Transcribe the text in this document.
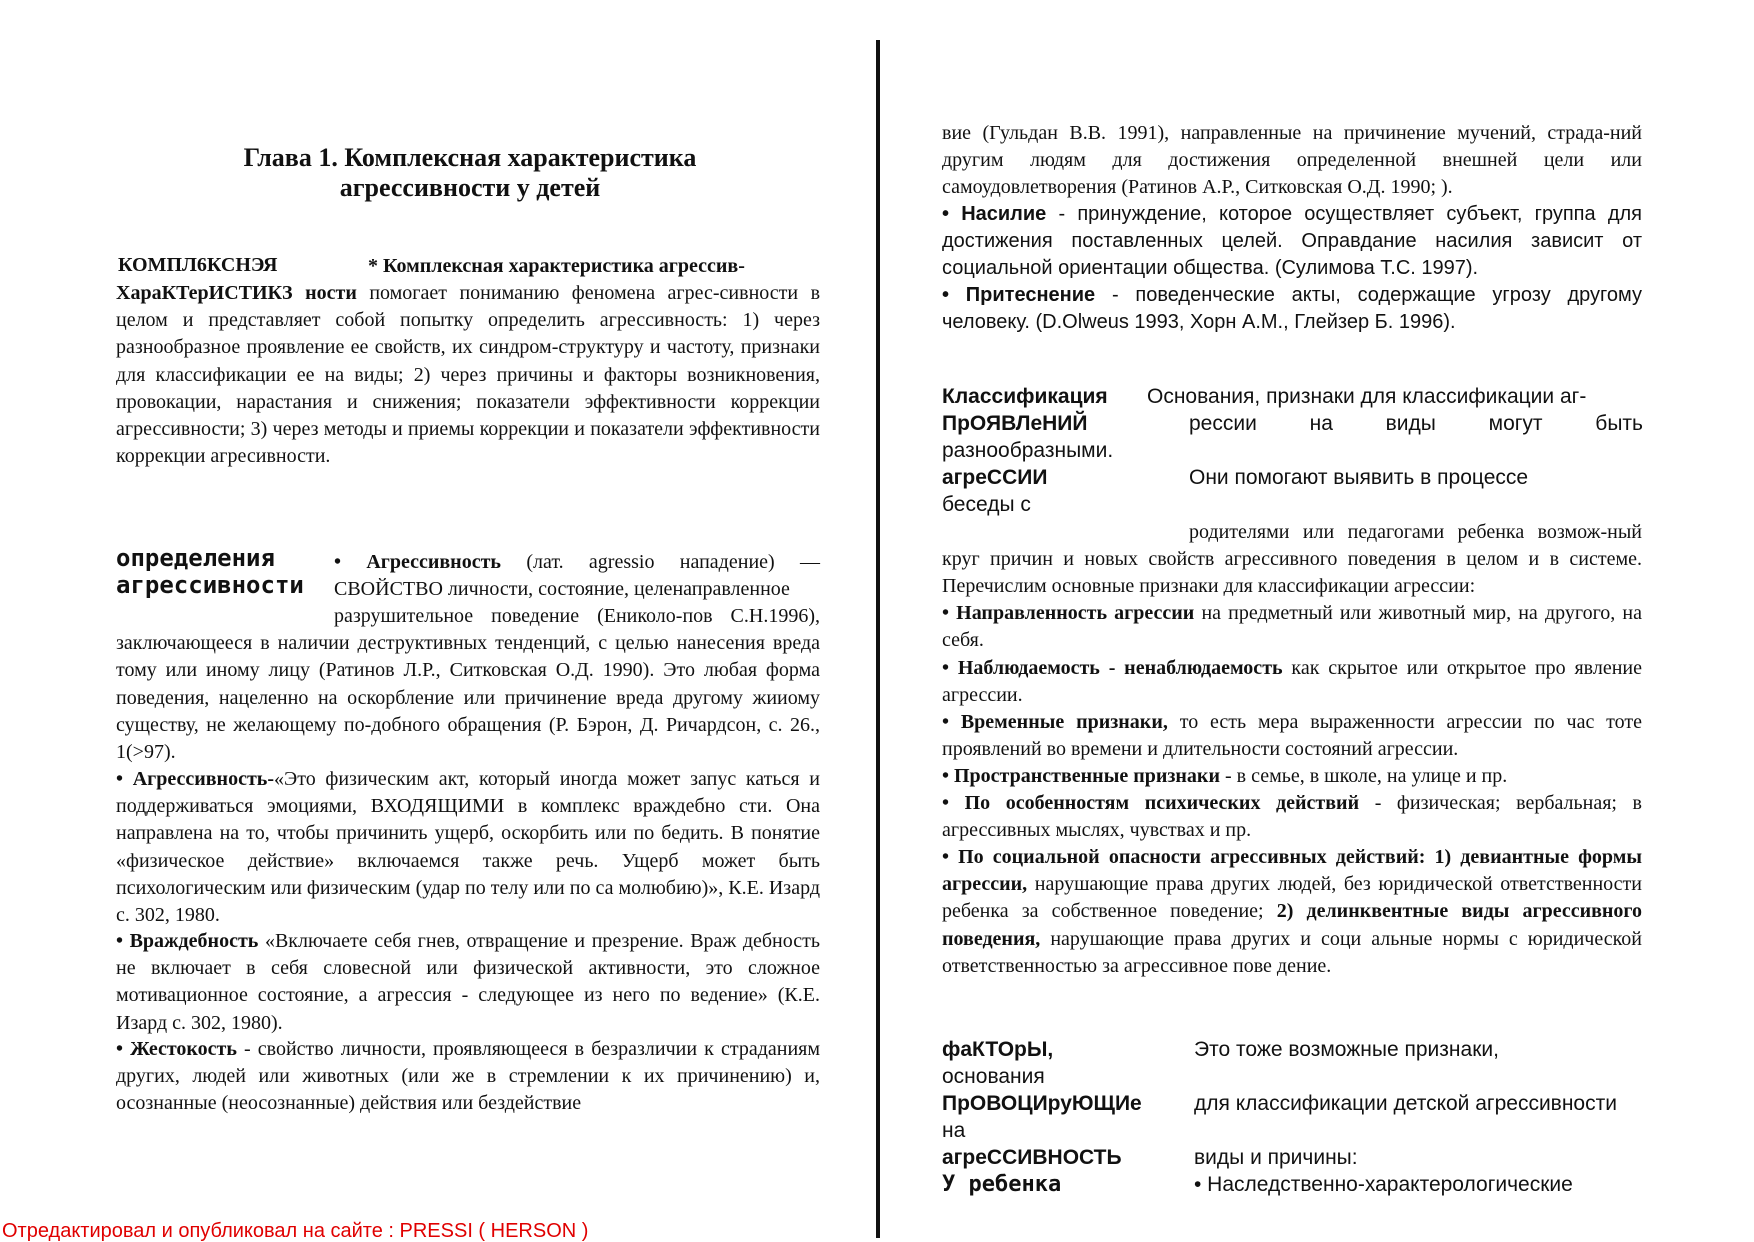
Глава 1. Комплексная характеристика
агрессивности у детей
КОМПЛ6КСНЭЯ	* Комплексная характеристика агрессив-

ХараКТерИСТИКЗ ности помогает пониманию феномена агрес-сивности в целом и представляет собой попытку определить агрессивность: 1) через разнообразное проявление ее свойств, их синдром-структуру и частоту, признаки для классификации ее на виды; 2) через причины и факторы возникновения, провокации, нарастания и снижения; показатели эффективности коррекции агрессивности; 3) через методы и приемы коррекции и показатели эффективности коррекции агресивности.

определения
агрессивности

• Агрессивность (лат. agressio нападение) — СВОЙСТВО личности, состояние, целенаправленное

разрушительное поведение (Ениколо-пов С.Н.1996), заключающееся в наличии деструктивных тенденций, с целью нанесения вреда тому или иному лицу (Ратинов Л.Р., Ситковская О.Д. 1990). Это любая форма поведения, нацеленно на оскорбление или причинение вреда другому жииому существу, не желающему по-добного обращения (Р. Бэрон, Д. Ричардсон, с. 26., 1(>97).

• Агрессивность-«Это физическим акт, который иногда может запус каться и поддерживаться эмоциями, ВХОДЯЩИМИ в комплекс враждебно сти. Она направлена на то, чтобы причинить ущерб, оскорбить или по бедить. В понятие «физическое действие» включаемся также речь. Ущерб может быть психологическим или физическим (удар по телу или по са молюбию)», К.Е. Изард с. 302, 1980.

• Враждебность «Включаете себя гнев, отвращение и презрение. Враж дебность не включает в себя словесной или физической активности, это сложное мотивационное состояние, а агрессия - следующее из него по ведение» (К.Е. Изард с. 302, 1980).

• Жестокость - свойство личности, проявляющееся в безразличии к страданиям других, людей или животных (или же в стремлении к их причинению) и, осознанные (неосознанные) действия или бездействие

вие (Гульдан В.В. 1991), направленные на причинение мучений, страда-ний другим людям для достижения определенной внешней цели или самоудовлетворения (Ратинов А.Р., Ситковская О.Д. 1990; ).

• Насилие - принуждение, которое осуществляет субъект, группа для достижения поставленных целей. Оправдание насилия зависит от социальной ориентации общества. (Сулимова Т.С. 1997).

• Притеснение - поведенческие акты, содержащие угрозу другому человеку. (D.Olweus 1993, Хорн А.М., Глейзер Б. 1996).

Классификация
ПрОЯВЛеНИЙ
агреССИИ
Основания, признаки для классификации аг-
рессии на виды могут быть
разнообразными.
Они помогают выявить в процессе
беседы с

родителями или педагогами ребенка возмож-ный круг причин и новых свойств агрессивного поведения в целом и в системе. Перечислим основные признаки для классификации агрессии:

• Направленность агрессии на предметный или животный мир, на другого, на себя.

• Наблюдаемость - ненаблюдаемость как скрытое или открытое про явление агрессии.

• Временные признаки, то есть мера выраженности агрессии по час тоте проявлений во времени и длительности состояний агрессии.

• Пространственные признаки - в семье, в школе, на улице и пр.

• По особенностям психических действий - физическая; вербальная; в агрессивных мыслях, чувствах и пр.

• По социальной опасности агрессивных действий: 1) девиантные формы агрессии, нарушающие права других людей, без юридической ответственности ребенка за собственное поведение; 2) делинквентные виды агрессивного поведения, нарушающие права других и соци альные нормы с юридической ответственностью за агрессивное пове дение.

фаКТОрЫ,
основания
ПрОВОЦИруЮЩИе
на
агреССИВНОСТЬ
У ребенка
Это тоже возможные признаки,
для классификации детской агрессивности
виды и причины:
• Наследственно-характерологические
Отредактировал и опубликовал на сайте : PRESSI ( HERSON )
